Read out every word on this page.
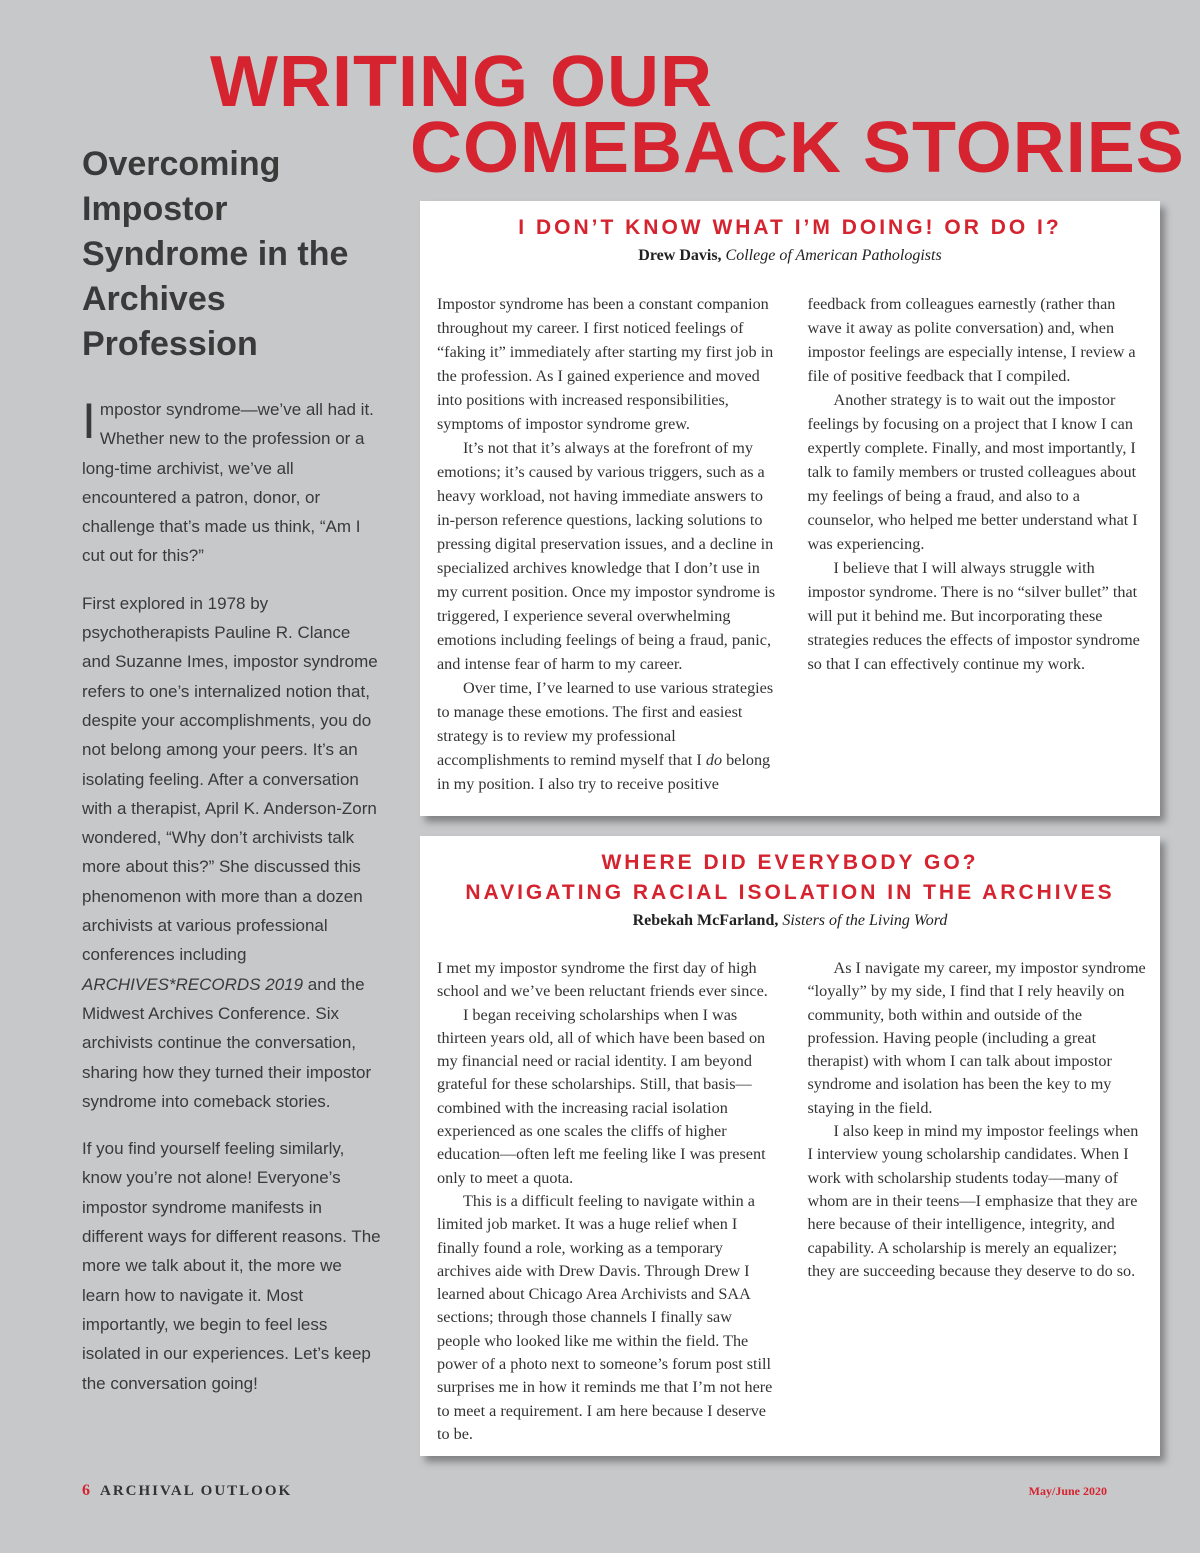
WRITING OUR
COMEBACK STORIES
Overcoming Impostor Syndrome in the Archives Profession

Impostor syndrome—we’ve all had it. Whether new to the profession or a long-time archivist, we’ve all encountered a patron, donor, or challenge that’s made us think, “Am I cut out for this?”

First explored in 1978 by psychotherapists Pauline R. Clance and Suzanne Imes, impostor syndrome refers to one’s internalized notion that, despite your accomplishments, you do not belong among your peers. It’s an isolating feeling. After a conversation with a therapist, April K. Anderson-Zorn wondered, “Why don’t archivists talk more about this?” She discussed this phenomenon with more than a dozen archivists at various professional conferences including ARCHIVES*RECORDS 2019 and the Midwest Archives Conference. Six archivists continue the conversation, sharing how they turned their impostor syndrome into comeback stories.

If you find yourself feeling similarly, know you’re not alone! Everyone’s impostor syndrome manifests in different ways for different reasons. The more we talk about it, the more we learn how to navigate it. Most importantly, we begin to feel less isolated in our experiences. Let’s keep the conversation going!

I DON’T KNOW WHAT I’M DOING! OR DO I?
Drew Davis, College of American Pathologists

Impostor syndrome has been a constant companion throughout my career. I first noticed feelings of “faking it” immediately after starting my first job in the profession. As I gained experience and moved into positions with increased responsibilities, symptoms of impostor syndrome grew.

It’s not that it’s always at the forefront of my emotions; it’s caused by various triggers, such as a heavy workload, not having immediate answers to in-person reference questions, lacking solutions to pressing digital preservation issues, and a decline in specialized archives knowledge that I don’t use in my current position. Once my impostor syndrome is triggered, I experience several overwhelming emotions including feelings of being a fraud, panic, and intense fear of harm to my career.

Over time, I’ve learned to use various strategies to manage these emotions. The first and easiest strategy is to review my professional accomplishments to remind myself that I do belong in my position. I also try to receive positive feedback from colleagues earnestly (rather than wave it away as polite conversation) and, when impostor feelings are especially intense, I review a file of positive feedback that I compiled.

Another strategy is to wait out the impostor feelings by focusing on a project that I know I can expertly complete. Finally, and most importantly, I talk to family members or trusted colleagues about my feelings of being a fraud, and also to a counselor, who helped me better understand what I was experiencing.

I believe that I will always struggle with impostor syndrome. There is no “silver bullet” that will put it behind me. But incorporating these strategies reduces the effects of impostor syndrome so that I can effectively continue my work.

WHERE DID EVERYBODY GO?
NAVIGATING RACIAL ISOLATION IN THE ARCHIVES
Rebekah McFarland, Sisters of the Living Word

I met my impostor syndrome the first day of high school and we’ve been reluctant friends ever since.

I began receiving scholarships when I was thirteen years old, all of which have been based on my financial need or racial identity. I am beyond grateful for these scholarships. Still, that basis—combined with the increasing racial isolation experienced as one scales the cliffs of higher education—often left me feeling like I was present only to meet a quota.

This is a difficult feeling to navigate within a limited job market. It was a huge relief when I finally found a role, working as a temporary archives aide with Drew Davis. Through Drew I learned about Chicago Area Archivists and SAA sections; through those channels I finally saw people who looked like me within the field. The power of a photo next to someone’s forum post still surprises me in how it reminds me that I’m not here to meet a requirement. I am here because I deserve to be.

As I navigate my career, my impostor syndrome “loyally” by my side, I find that I rely heavily on community, both within and outside of the profession. Having people (including a great therapist) with whom I can talk about impostor syndrome and isolation has been the key to my staying in the field.

I also keep in mind my impostor feelings when I interview young scholarship candidates. When I work with scholarship students today—many of whom are in their teens—I emphasize that they are here because of their intelligence, integrity, and capability. A scholarship is merely an equalizer; they are succeeding because they deserve to do so.

6 ARCHIVAL OUTLOOK	May/June 2020
